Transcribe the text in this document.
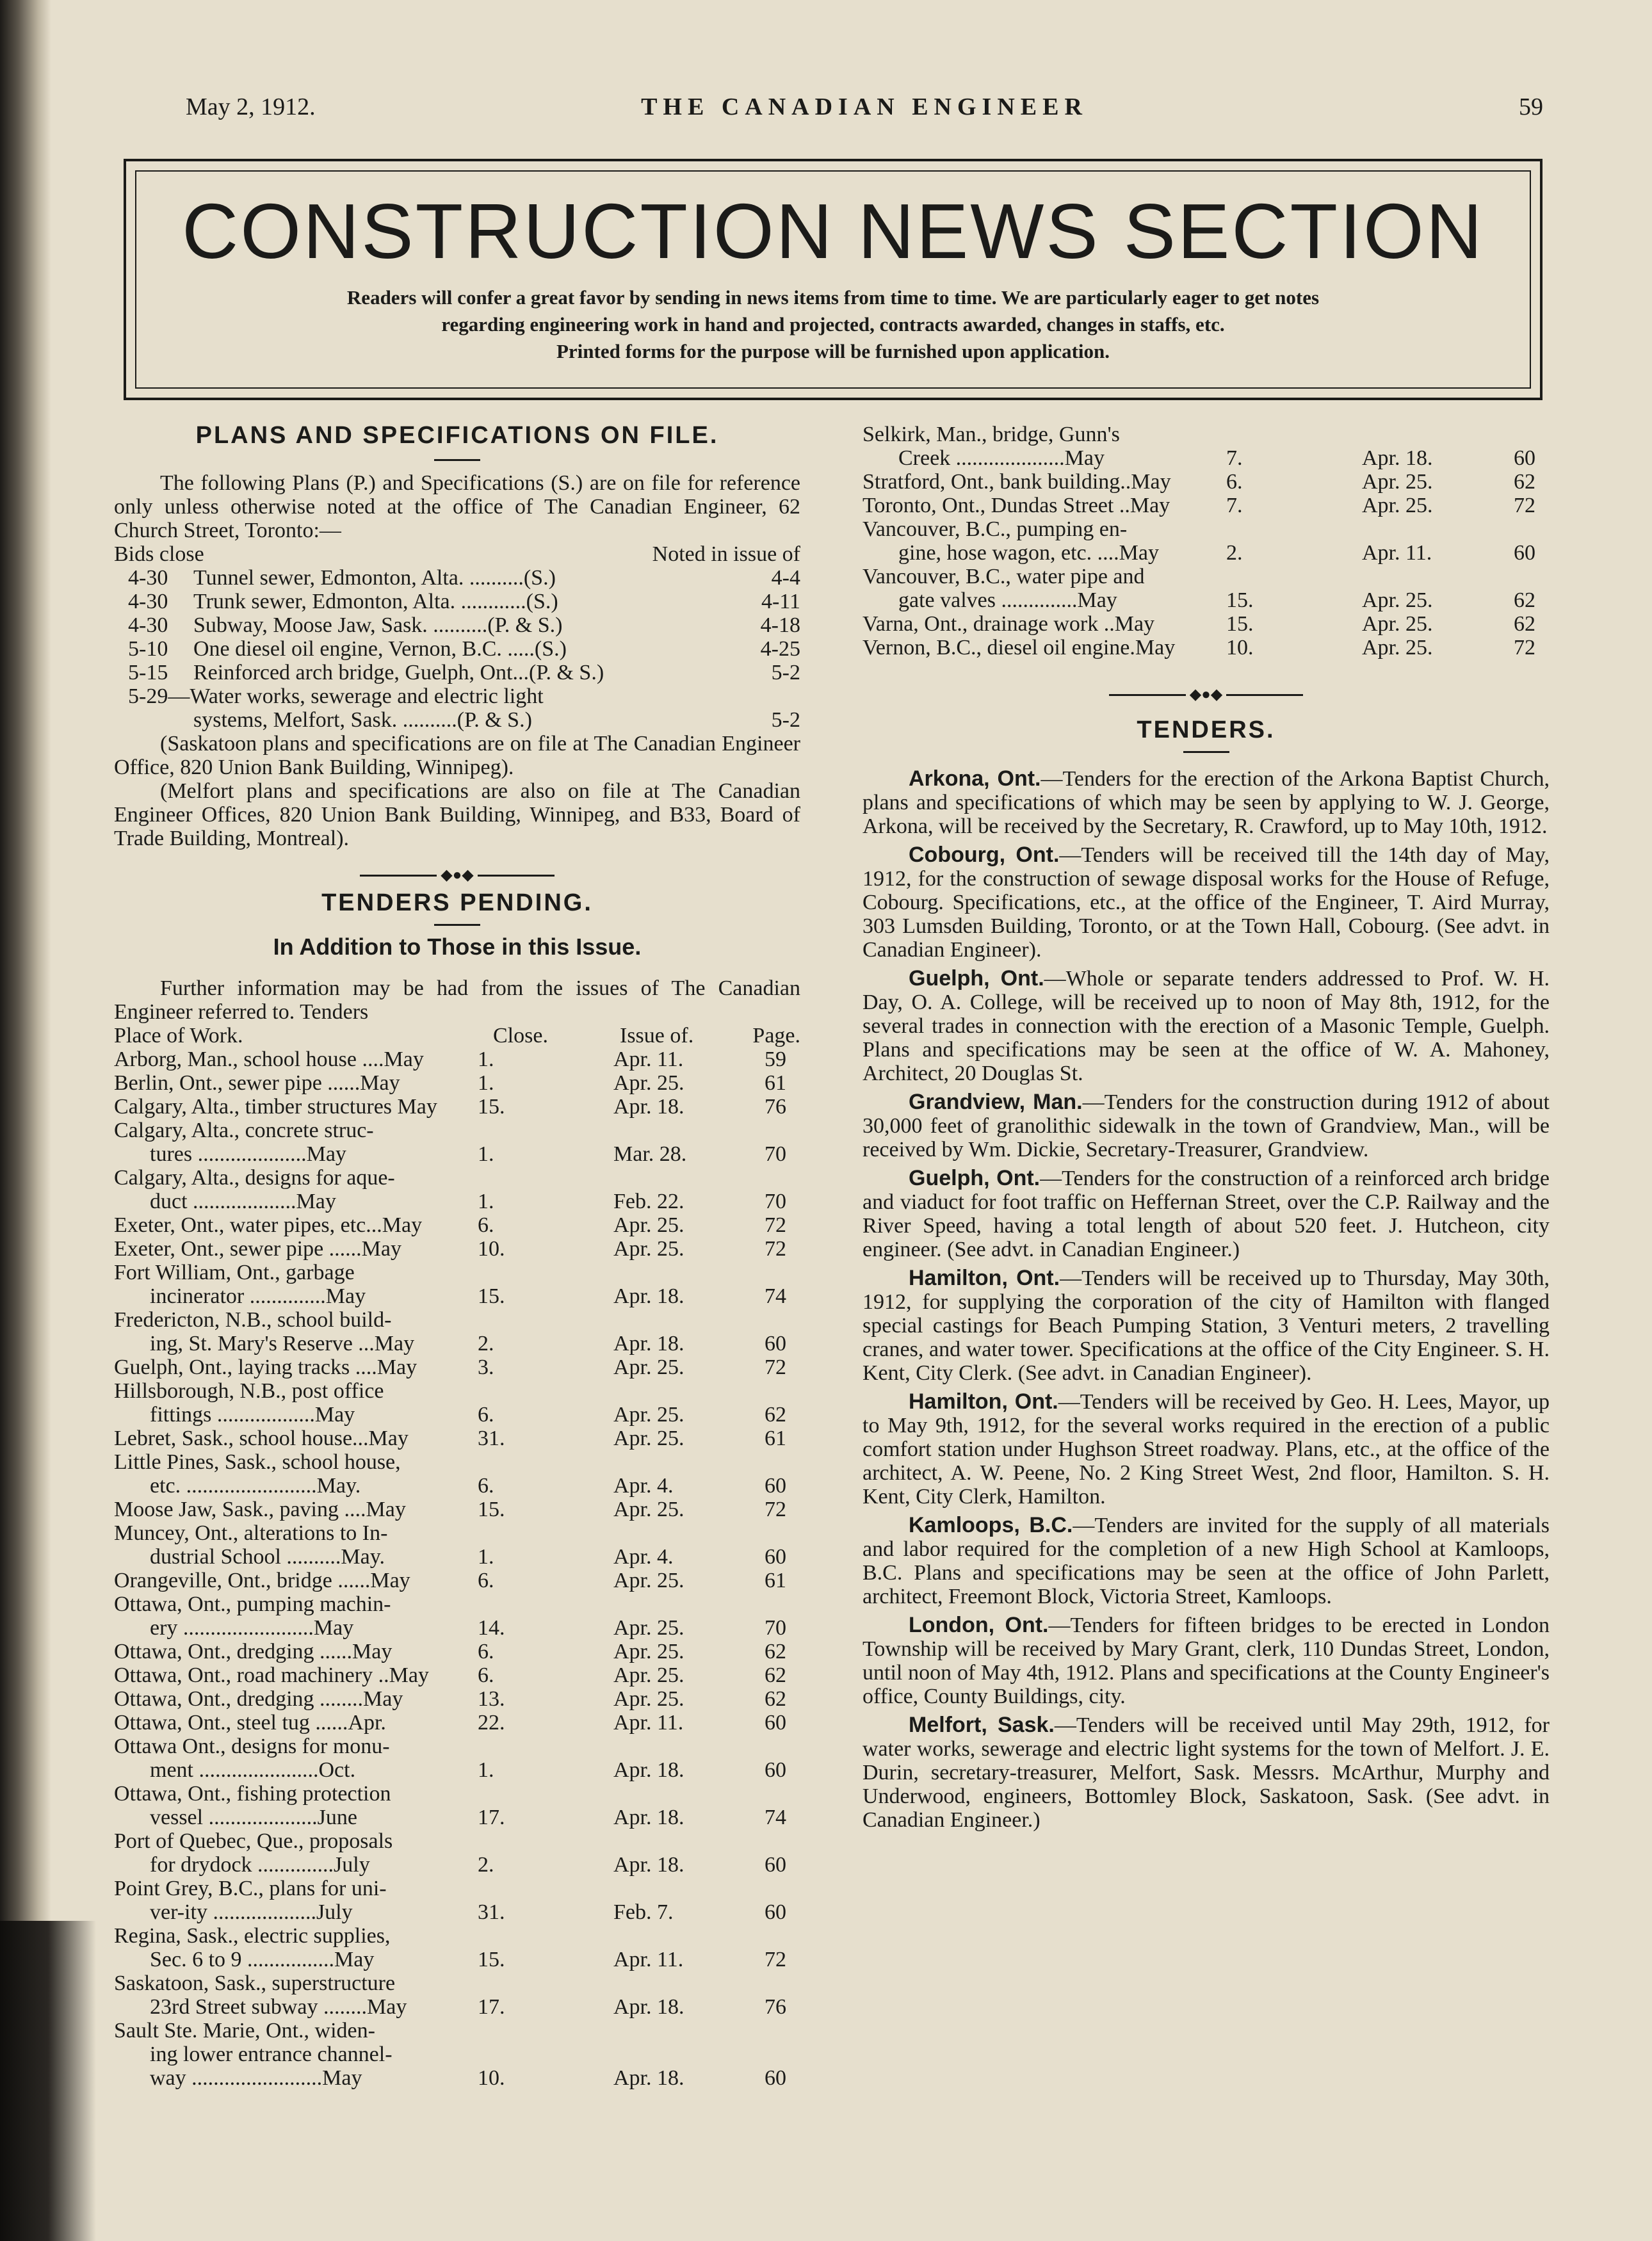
May 2, 1912.	THE CANADIAN ENGINEER	59
CONSTRUCTION NEWS SECTION
Readers will confer a great favor by sending in news items from time to time. We are particularly eager to get notes
regarding engineering work in hand and projected, contracts awarded, changes in staffs, etc.
Printed forms for the purpose will be furnished upon application.
PLANS AND SPECIFICATIONS ON FILE.

The following Plans (P.) and Specifications (S.) are on file for reference only unless otherwise noted at the office of The Canadian Engineer, 62 Church Street, Toronto:—

Bids close	Noted in issue of
4-30 Tunnel sewer, Edmonton, Alta. ..........(S.)	4-4
4-30 Trunk sewer, Edmonton, Alta. ............(S.)	4-11
4-30 Subway, Moose Jaw, Sask. ..........(P. & S.)	4-18
5-10 One diesel oil engine, Vernon, B.C. .....(S.)	4-25
5-15 Reinforced arch bridge, Guelph, Ont...(P. & S.)	5-2
5-29—Water works, sewerage and electric light
systems, Melfort, Sask. ..........(P. & S.)	5-2

(Saskatoon plans and specifications are on file at The Canadian Engineer Office, 820 Union Bank Building, Winnipeg).

(Melfort plans and specifications are also on file at The Canadian Engineer Offices, 820 Union Bank Building, Winnipeg, and B33, Board of Trade Building, Montreal).

◆●◆
TENDERS PENDING.
In Addition to Those in this Issue.

Further information may be had from the issues of The Canadian Engineer referred to. Tenders

Place of Work.	Close.	Issue of.	Page.
Arborg, Man., school house ....May 1.	Apr. 11.	59
Berlin, Ont., sewer pipe ......May	1.	Apr. 25.	61
Calgary, Alta., timber structures May 15.	Apr. 18.	76
Calgary, Alta., concrete struc-
tures ....................May	1.	Mar. 28.	70
Calgary, Alta., designs for aque-
duct ...................May	1.	Feb. 22.	70
Exeter, Ont., water pipes, etc...May	6.	Apr. 25.	72
Exeter, Ont., sewer pipe ......May	10.	Apr. 25.	72
Fort William, Ont., garbage
incinerator ..............May	15.	Apr. 18.	74
Fredericton, N.B., school build-
ing, St. Mary's Reserve ...May	2.	Apr. 18.	60
Guelph, Ont., laying tracks ....May	3.	Apr. 25.	72
Hillsborough, N.B., post office
fittings ..................May	6.	Apr. 25.	62
Lebret, Sask., school house...May	31.	Apr. 25.	61
Little Pines, Sask., school house,
etc. ........................May.	6.	Apr. 4.	60
Moose Jaw, Sask., paving ....May	15.	Apr. 25.	72
Muncey, Ont., alterations to In-
dustrial School ..........May.	1.	Apr. 4.	60
Orangeville, Ont., bridge ......May	6.	Apr. 25.	61
Ottawa, Ont., pumping machin-
ery ........................May	14.	Apr. 25.	70
Ottawa, Ont., dredging ......May	6.	Apr. 25.	62
Ottawa, Ont., road machinery ..May 6.	Apr. 25.	62
Ottawa, Ont., dredging ........May	13.	Apr. 25.	62
Ottawa, Ont., steel tug ......Apr.	22.	Apr. 11.	60
Ottawa Ont., designs for monu-
ment ......................Oct.	1.	Apr. 18.	60
Ottawa, Ont., fishing protection
vessel ....................June	17.	Apr. 18.	74
Port of Quebec, Que., proposals
for drydock ..............July	2.	Apr. 18.	60
Point Grey, B.C., plans for uni-
ver-ity ...................July	31.	Feb. 7.	60
Regina, Sask., electric supplies,
Sec. 6 to 9 ................May	15.	Apr. 11.	72
Saskatoon, Sask., superstructure
23rd Street subway ........May	17.	Apr. 18.	76
Sault Ste. Marie, Ont., widen-
ing lower entrance channel-
way ........................May	10.	Apr. 18.	60
Selkirk, Man., bridge, Gunn's
Creek ....................May	7.	Apr. 18.	60
Stratford, Ont., bank building..May	6.	Apr. 25.	62
Toronto, Ont., Dundas Street ..May	7.	Apr. 25.	72
Vancouver, B.C., pumping en-
gine, hose wagon, etc. ....May	2.	Apr. 11.	60
Vancouver, B.C., water pipe and
gate valves ..............May	15.	Apr. 25.	62
Varna, Ont., drainage work ..May	15.	Apr. 25.	62
Vernon, B.C., diesel oil engine.May 10.	Apr. 25.	72
◆●◆
TENDERS.

Arkona, Ont.—Tenders for the erection of the Arkona Baptist Church, plans and specifications of which may be seen by applying to W. J. George, Arkona, will be received by the Secretary, R. Crawford, up to May 10th, 1912.

Cobourg, Ont.—Tenders will be received till the 14th day of May, 1912, for the construction of sewage disposal works for the House of Refuge, Cobourg. Specifications, etc., at the office of the Engineer, T. Aird Murray, 303 Lumsden Building, Toronto, or at the Town Hall, Cobourg. (See advt. in Canadian Engineer).

Guelph, Ont.—Whole or separate tenders addressed to Prof. W. H. Day, O. A. College, will be received up to noon of May 8th, 1912, for the several trades in connection with the erection of a Masonic Temple, Guelph. Plans and specifications may be seen at the office of W. A. Mahoney, Architect, 20 Douglas St.

Grandview, Man.—Tenders for the construction during 1912 of about 30,000 feet of granolithic sidewalk in the town of Grandview, Man., will be received by Wm. Dickie, Secretary-Treasurer, Grandview.

Guelph, Ont.—Tenders for the construction of a reinforced arch bridge and viaduct for foot traffic on Heffernan Street, over the C.P. Railway and the River Speed, having a total length of about 520 feet. J. Hutcheon, city engineer. (See advt. in Canadian Engineer.)

Hamilton, Ont.—Tenders will be received up to Thursday, May 30th, 1912, for supplying the corporation of the city of Hamilton with flanged special castings for Beach Pumping Station, 3 Venturi meters, 2 travelling cranes, and water tower. Specifications at the office of the City Engineer. S. H. Kent, City Clerk. (See advt. in Canadian Engineer).

Hamilton, Ont.—Tenders will be received by Geo. H. Lees, Mayor, up to May 9th, 1912, for the several works required in the erection of a public comfort station under Hughson Street roadway. Plans, etc., at the office of the architect, A. W. Peene, No. 2 King Street West, 2nd floor, Hamilton. S. H. Kent, City Clerk, Hamilton.

Kamloops, B.C.—Tenders are invited for the supply of all materials and labor required for the completion of a new High School at Kamloops, B.C. Plans and specifications may be seen at the office of John Parlett, architect, Freemont Block, Victoria Street, Kamloops.

London, Ont.—Tenders for fifteen bridges to be erected in London Township will be received by Mary Grant, clerk, 110 Dundas Street, London, until noon of May 4th, 1912. Plans and specifications at the County Engineer's office, County Buildings, city.

Melfort, Sask.—Tenders will be received until May 29th, 1912, for water works, sewerage and electric light systems for the town of Melfort. J. E. Durin, secretary-treasurer, Melfort, Sask. Messrs. McArthur, Murphy and Underwood, engineers, Bottomley Block, Saskatoon, Sask. (See advt. in Canadian Engineer.)
